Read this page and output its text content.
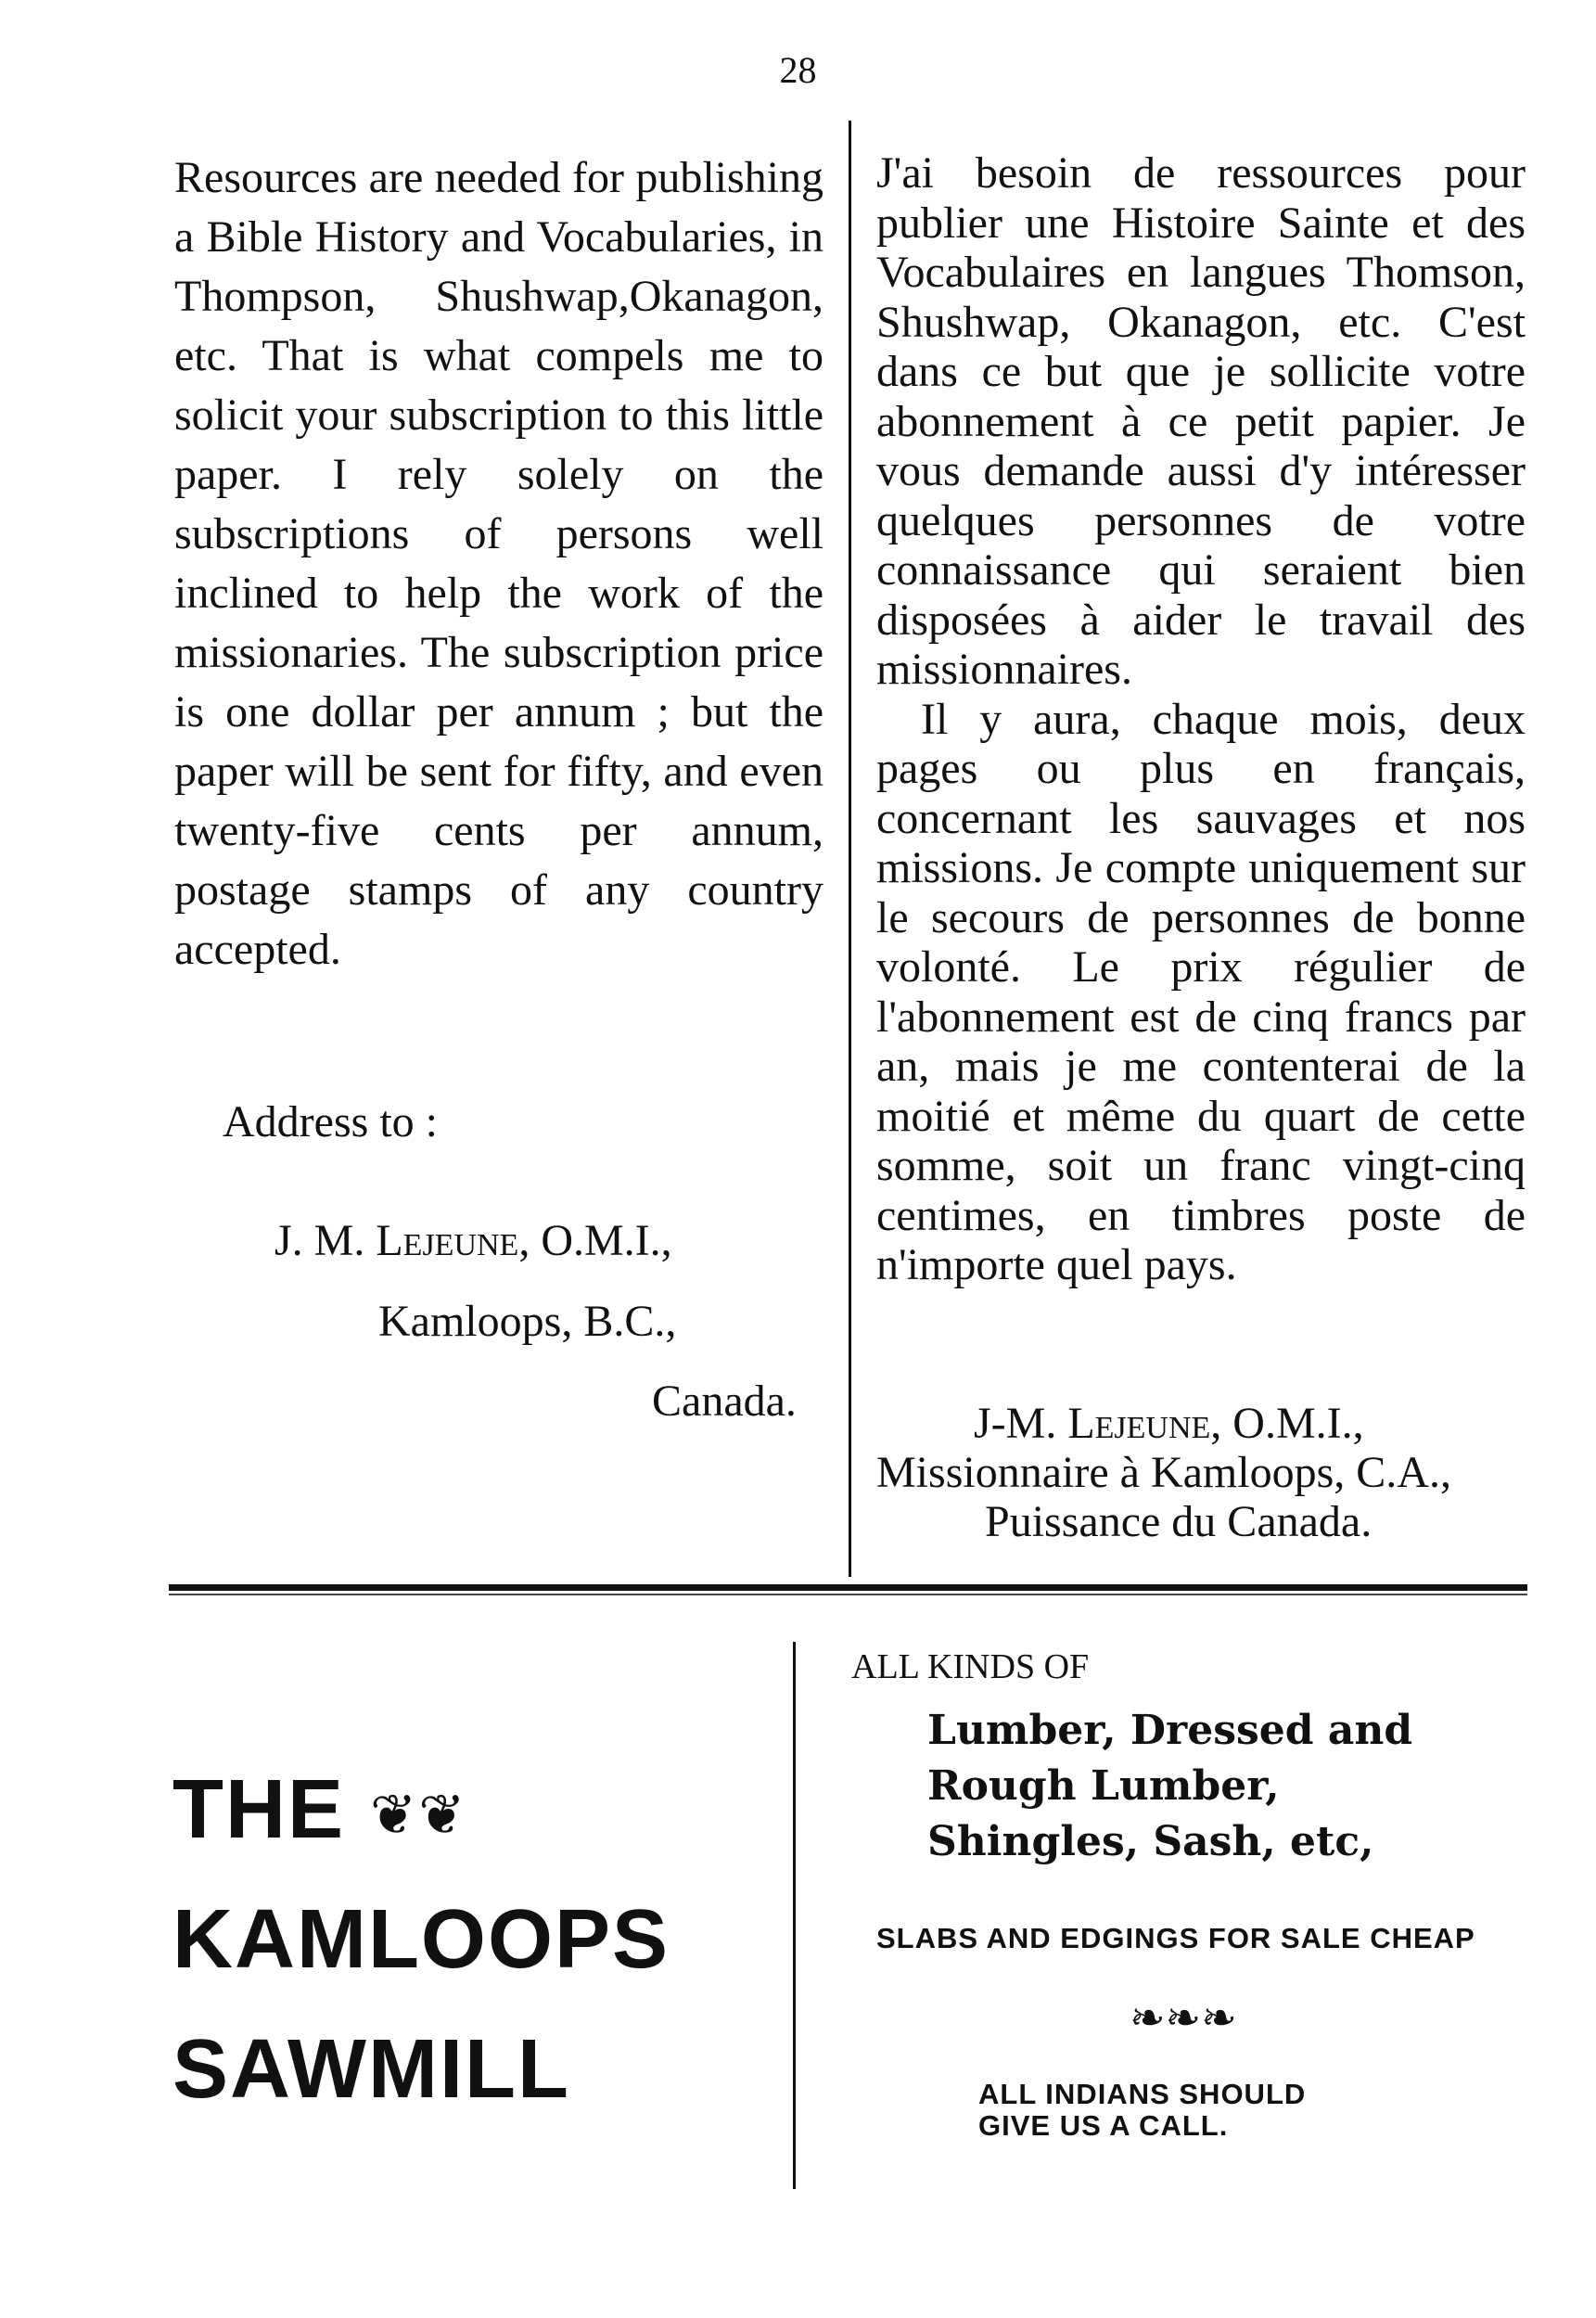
28

Resources are needed for publishing a Bible History and Vocabularies, in Thompson, Shushwap,Okanagon, etc. That is what compels me to solicit your subscription to this little paper. I rely solely on the subscriptions of persons well inclined to help the work of the missionaries. The subscription price is one dollar per annum ; but the paper will be sent for fifty, and even twenty-five cents per annum, postage stamps of any country accepted.

Address to :
J. M. Lejeune, O.M.I.,
Kamloops, B.C.,
Canada.

J'ai besoin de ressources pour publier une Histoire Sainte et des Vocabulaires en langues Thomson, Shushwap, Okanagon, etc. C'est dans ce but que je sollicite votre abonnement à ce petit papier. Je vous demande aussi d'y intéresser quelques personnes de votre connaissance qui seraient bien disposées à aider le travail des missionnaires.

Il y aura, chaque mois, deux pages ou plus en français, concernant les sauvages et nos missions. Je compte uniquement sur le secours de personnes de bonne volonté. Le prix régulier de l'abonnement est de cinq francs par an, mais je me contenterai de la moitié et même du quart de cette somme, soit un franc vingt-cinq centimes, en timbres poste de n'importe quel pays.

J-M. Lejeune, O.M.I.,
Missionnaire à Kamloops, C.A.,
Puissance du Canada.
THE ❦❦
KAMLOOPS
SAWMILL
ALL KINDS OF
Lumber, Dressed and
Rough Lumber,
Shingles, Sash, etc,
SLABS AND EDGINGS FOR SALE CHEAP
❧❧❧
ALL INDIANS SHOULD
GIVE US A CALL.
